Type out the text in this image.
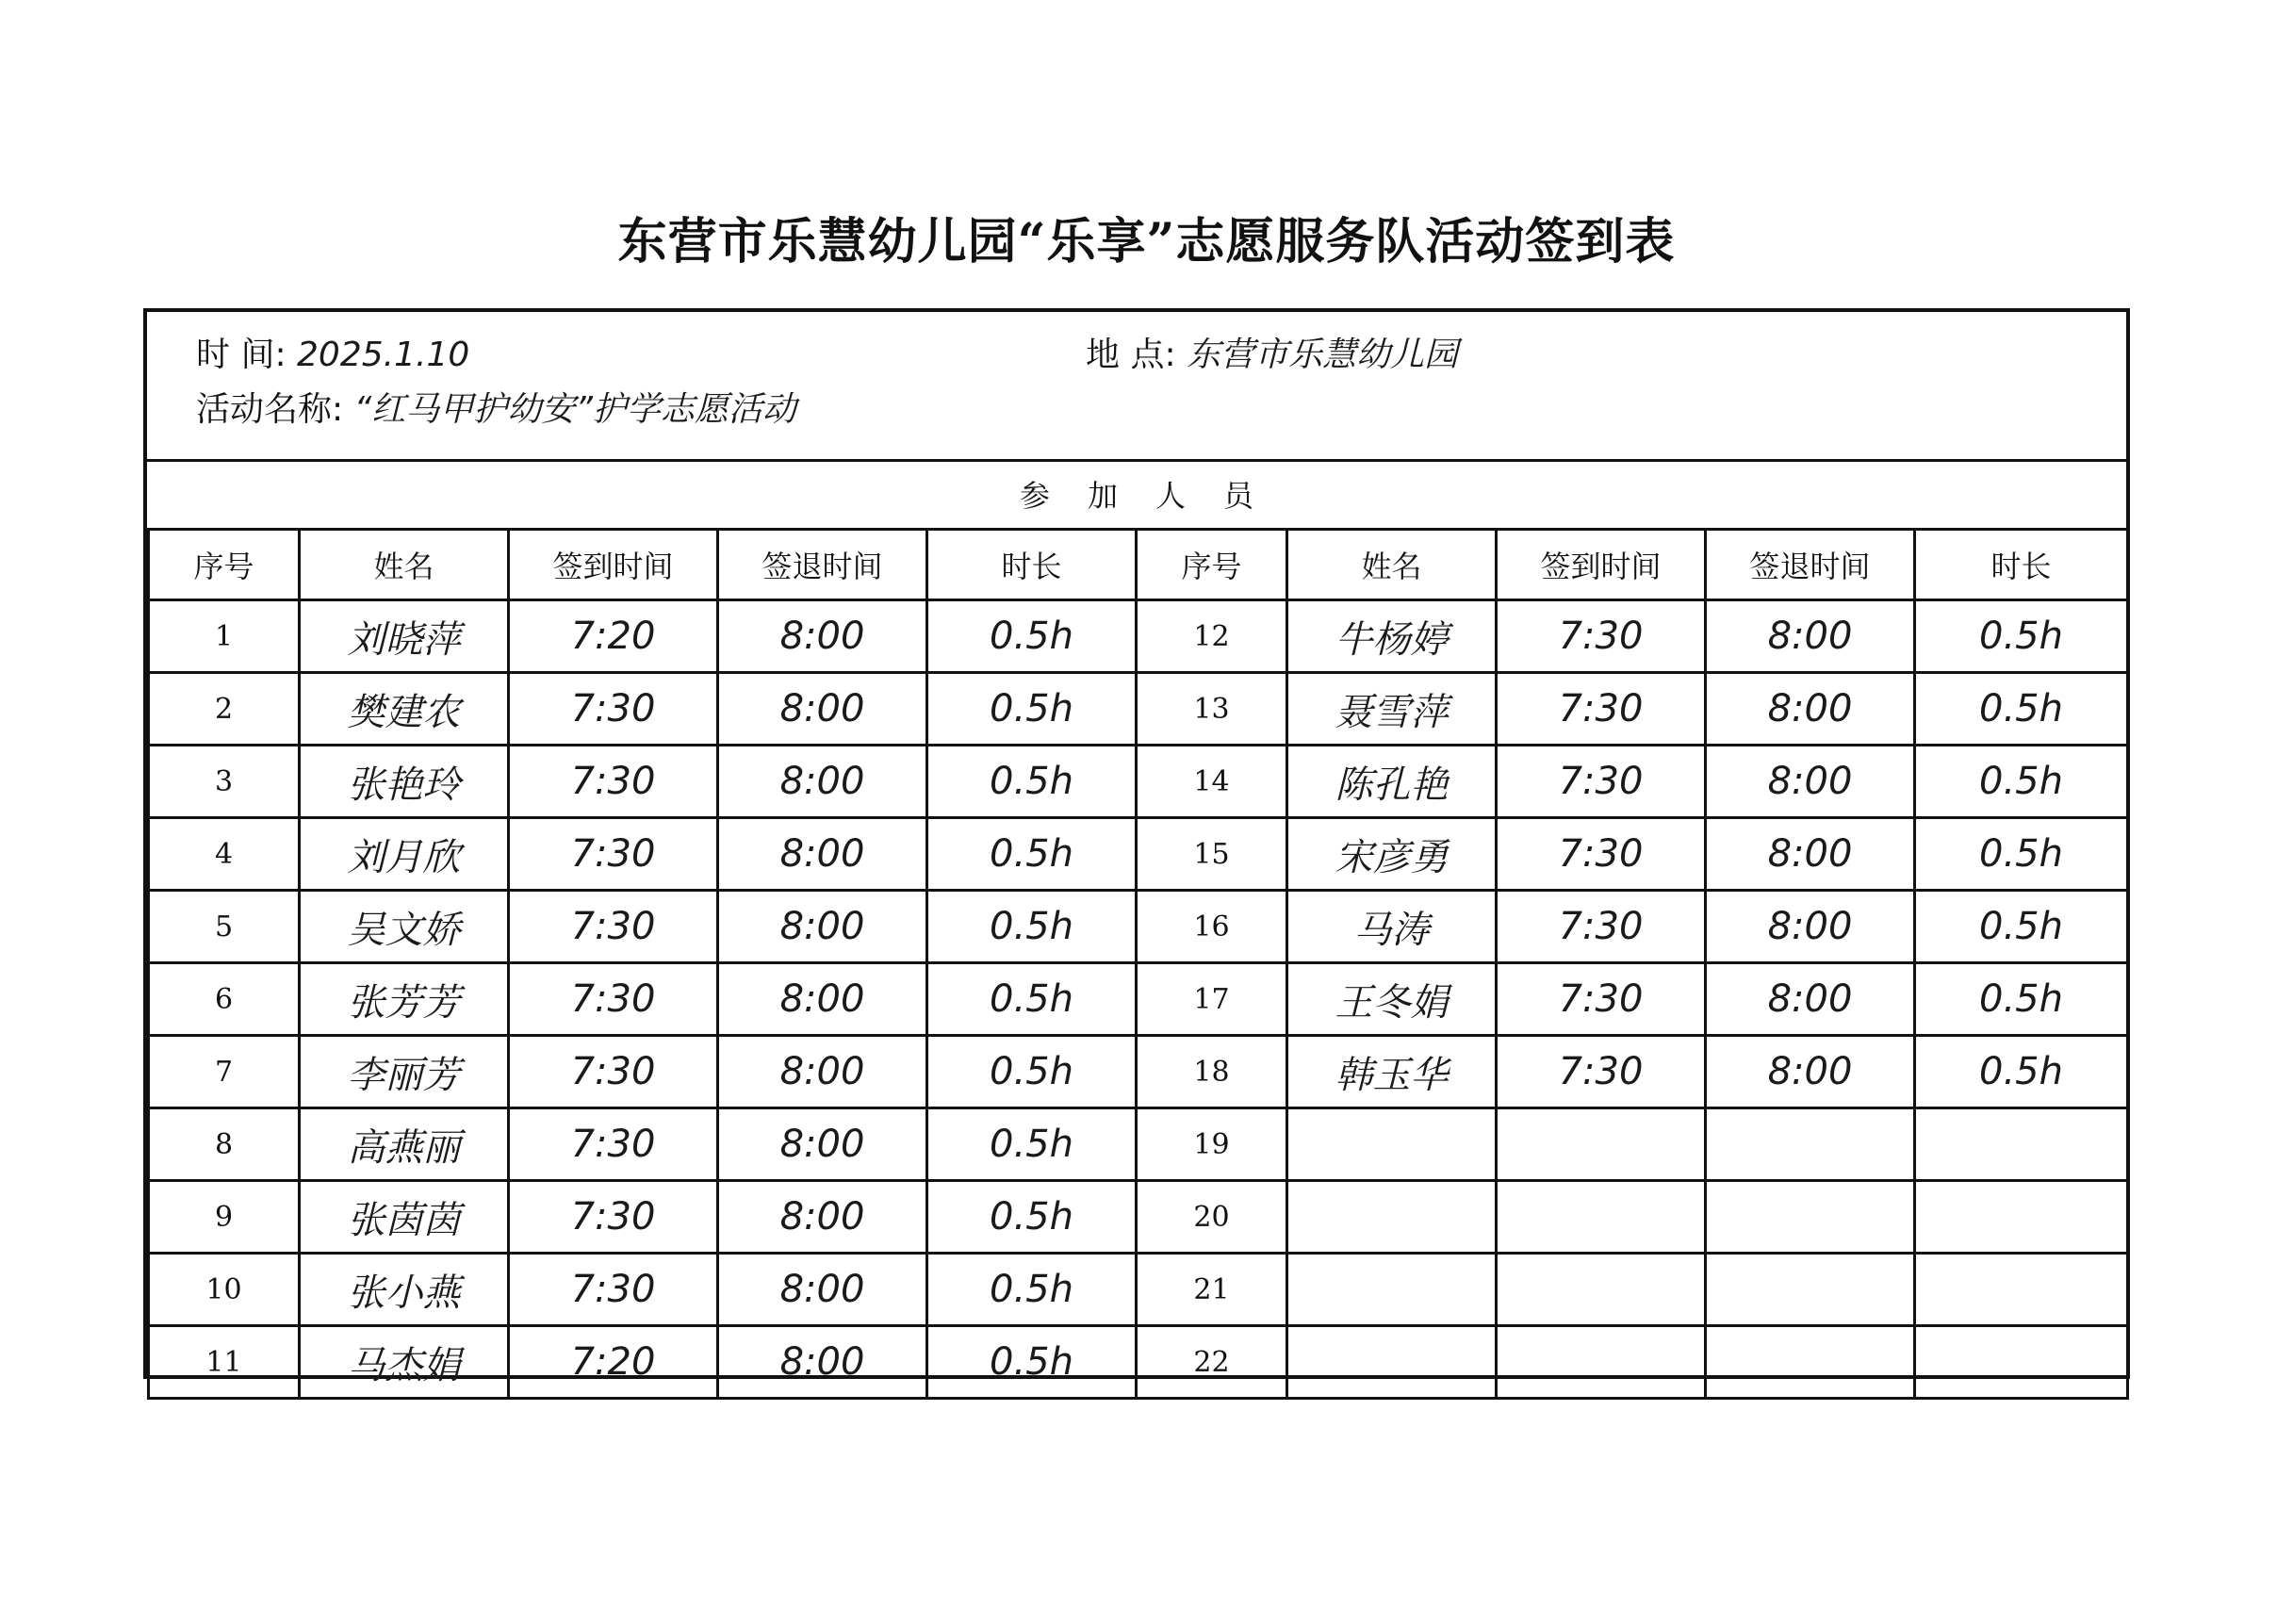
东营市乐慧幼儿园“乐享”志愿服务队活动签到表
时 间: 2025.1.10	地 点: 东营市乐慧幼儿园
活动名称: “红马甲护幼安”护学志愿活动
参加人员
序号	姓名	签到时间	签退时间	时长	序号	姓名	签到时间	签退时间	时长
1	刘晓萍	7:20	8:00	0.5h	12	牛杨婷	7:30	8:00	0.5h
2	樊建农	7:30	8:00	0.5h	13	聂雪萍	7:30	8:00	0.5h
3	张艳玲	7:30	8:00	0.5h	14	陈孔艳	7:30	8:00	0.5h
4	刘月欣	7:30	8:00	0.5h	15	宋彦勇	7:30	8:00	0.5h
5	吴文娇	7:30	8:00	0.5h	16	马涛	7:30	8:00	0.5h
6	张芳芳	7:30	8:00	0.5h	17	王冬娟	7:30	8:00	0.5h
7	李丽芳	7:30	8:00	0.5h	18	韩玉华	7:30	8:00	0.5h
8	高燕丽	7:30	8:00	0.5h	19				
9	张茵茵	7:30	8:00	0.5h	20				
10	张小燕	7:30	8:00	0.5h	21				
11	马杰娟	7:20	8:00	0.5h	22				
